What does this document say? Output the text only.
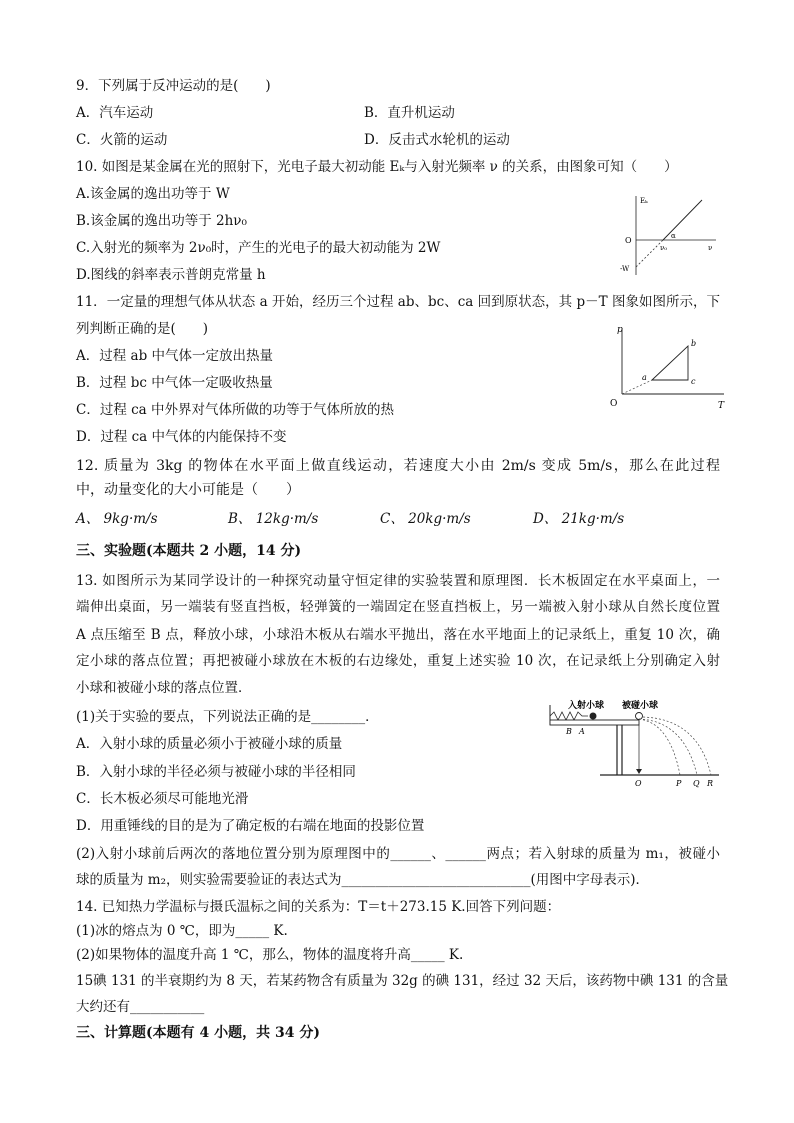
9．下列属于反冲运动的是(　　)
A．汽车运动	B．直升机运动
C．火箭的运动	D．反击式水轮机的运动
10. 如图是某金属在光的照射下，光电子最大初动能 Eₖ与入射光频率 ν 的关系，由图象可知（　　）
A.该金属的逸出功等于 W
B.该金属的逸出功等于 2hν₀
C.入射光的频率为 2ν₀时，产生的光电子的最大初动能为 2W
D.图线的斜率表示普朗克常量 h
Eₖ
O	α
ν₀	ν
-W
11．一定量的理想气体从状态 a 开始，经历三个过程 ab、bc、ca 回到原状态，其 p－T 图象如图所示，下
列判断正确的是(　　)
A．过程 ab 中气体一定放出热量
B．过程 bc 中气体一定吸收热量
C．过程 ca 中外界对气体所做的功等于气体所放的热
D．过程 ca 中气体的内能保持不变
p
T
O
a
b
c
12. 质量为 3kg 的物体在水平面上做直线运动，若速度大小由 2m/s 变成 5m/s，那么在此过程
中，动量变化的大小可能是（　　）
A、 9kg·m/s	B、 12kg·m/s	C、 20kg·m/s	D、 21kg·m/s
三、实验题(本题共 2 小题，14 分)
13. 如图所示为某同学设计的一种探究动量守恒定律的实验装置和原理图．长木板固定在水平桌面上，一
端伸出桌面，另一端装有竖直挡板，轻弹簧的一端固定在竖直挡板上，另一端被入射小球从自然长度位置
A 点压缩至 B 点，释放小球，小球沿木板从右端水平抛出，落在水平地面上的记录纸上，重复 10 次，确
定小球的落点位置；再把被碰小球放在木板的右边缘处，重复上述实验 10 次，在记录纸上分别确定入射
小球和被碰小球的落点位置．
(1)关于实验的要点，下列说法正确的是________．
A．入射小球的质量必须小于被碰小球的质量
B．入射小球的半径必须与被碰小球的半径相同
C．长木板必须尽可能地光滑
D．用重锤线的目的是为了确定板的右端在地面的投影位置
(2)入射小球前后两次的落地位置分别为原理图中的______、______两点；若入射球的质量为 m₁，被碰小
球的质量为 m₂，则实验需要验证的表达式为____________________________(用图中字母表示)．
入射小球 被碰小球
B A
O	P Q R
14. 已知热力学温标与摄氏温标之间的关系为：T＝t＋273.15 K.回答下列问题：
(1)冰的熔点为 0 ℃，即为_____ K.
(2)如果物体的温度升高 1 ℃，那么，物体的温度将升高_____ K.
15碘 131 的半衰期约为 8 天，若某药物含有质量为 32g 的碘 131，经过 32 天后，该药物中碘 131 的含量
大约还有___________
三、计算题(本题有 4 小题，共 34 分)
